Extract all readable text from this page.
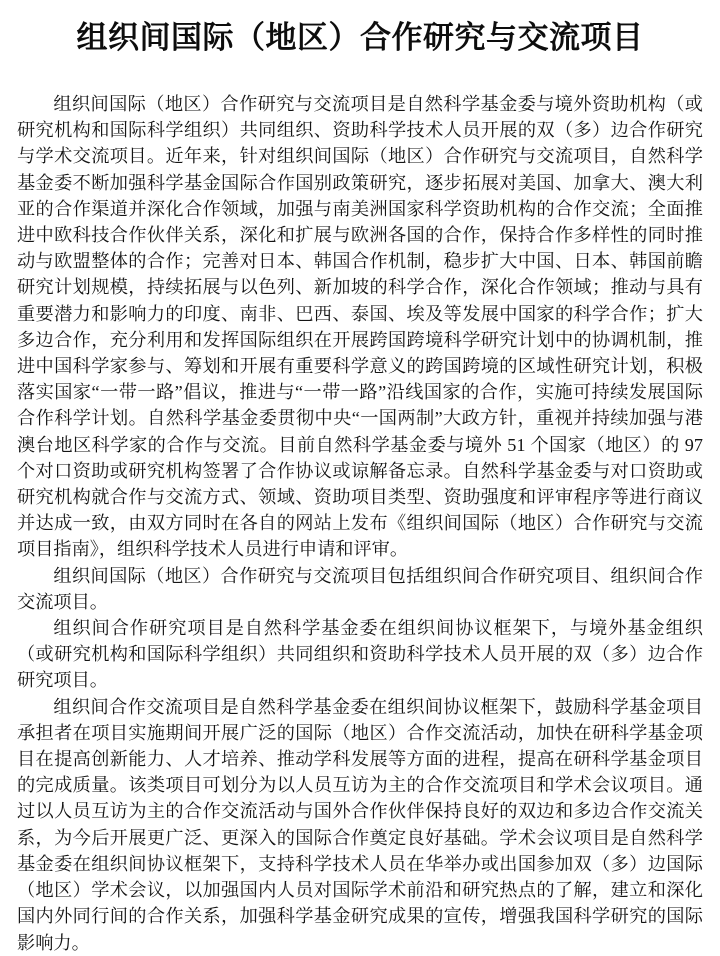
组织间国际（地区）合作研究与交流项目

组织间国际（地区）合作研究与交流项目是自然科学基金委与境外资助机构（或研究机构和国际科学组织）共同组织、资助科学技术人员开展的双（多）边合作研究与学术交流项目。近年来，针对组织间国际（地区）合作研究与交流项目，自然科学基金委不断加强科学基金国际合作国别政策研究，逐步拓展对美国、加拿大、澳大利亚的合作渠道并深化合作领域，加强与南美洲国家科学资助机构的合作交流；全面推进中欧科技合作伙伴关系，深化和扩展与欧洲各国的合作，保持合作多样性的同时推动与欧盟整体的合作；完善对日本、韩国合作机制，稳步扩大中国、日本、韩国前瞻研究计划规模，持续拓展与以色列、新加坡的科学合作，深化合作领域；推动与具有重要潜力和影响力的印度、南非、巴西、泰国、埃及等发展中国家的科学合作；扩大多边合作，充分利用和发挥国际组织在开展跨国跨境科学研究计划中的协调机制，推进中国科学家参与、筹划和开展有重要科学意义的跨国跨境的区域性研究计划，积极落实国家“一带一路”倡议，推进与“一带一路”沿线国家的合作，实施可持续发展国际合作科学计划。自然科学基金委贯彻中央“一国两制”大政方针，重视并持续加强与港澳台地区科学家的合作与交流。目前自然科学基金委与境外 51 个国家（地区）的 97 个对口资助或研究机构签署了合作协议或谅解备忘录。自然科学基金委与对口资助或研究机构就合作与交流方式、领域、资助项目类型、资助强度和评审程序等进行商议并达成一致，由双方同时在各自的网站上发布《组织间国际（地区）合作研究与交流项目指南》，组织科学技术人员进行申请和评审。

组织间国际（地区）合作研究与交流项目包括组织间合作研究项目、组织间合作交流项目。

组织间合作研究项目是自然科学基金委在组织间协议框架下，与境外基金组织（或研究机构和国际科学组织）共同组织和资助科学技术人员开展的双（多）边合作研究项目。

组织间合作交流项目是自然科学基金委在组织间协议框架下，鼓励科学基金项目承担者在项目实施期间开展广泛的国际（地区）合作交流活动，加快在研科学基金项目在提高创新能力、人才培养、推动学科发展等方面的进程，提高在研科学基金项目的完成质量。该类项目可划分为以人员互访为主的合作交流项目和学术会议项目。通过以人员互访为主的合作交流活动与国外合作伙伴保持良好的双边和多边合作交流关系，为今后开展更广泛、更深入的国际合作奠定良好基础。学术会议项目是自然科学基金委在组织间协议框架下，支持科学技术人员在华举办或出国参加双（多）边国际（地区）学术会议，以加强国内人员对国际学术前沿和研究热点的了解，建立和深化国内外同行间的合作关系，加强科学基金研究成果的宣传，增强我国科学研究的国际影响力。
